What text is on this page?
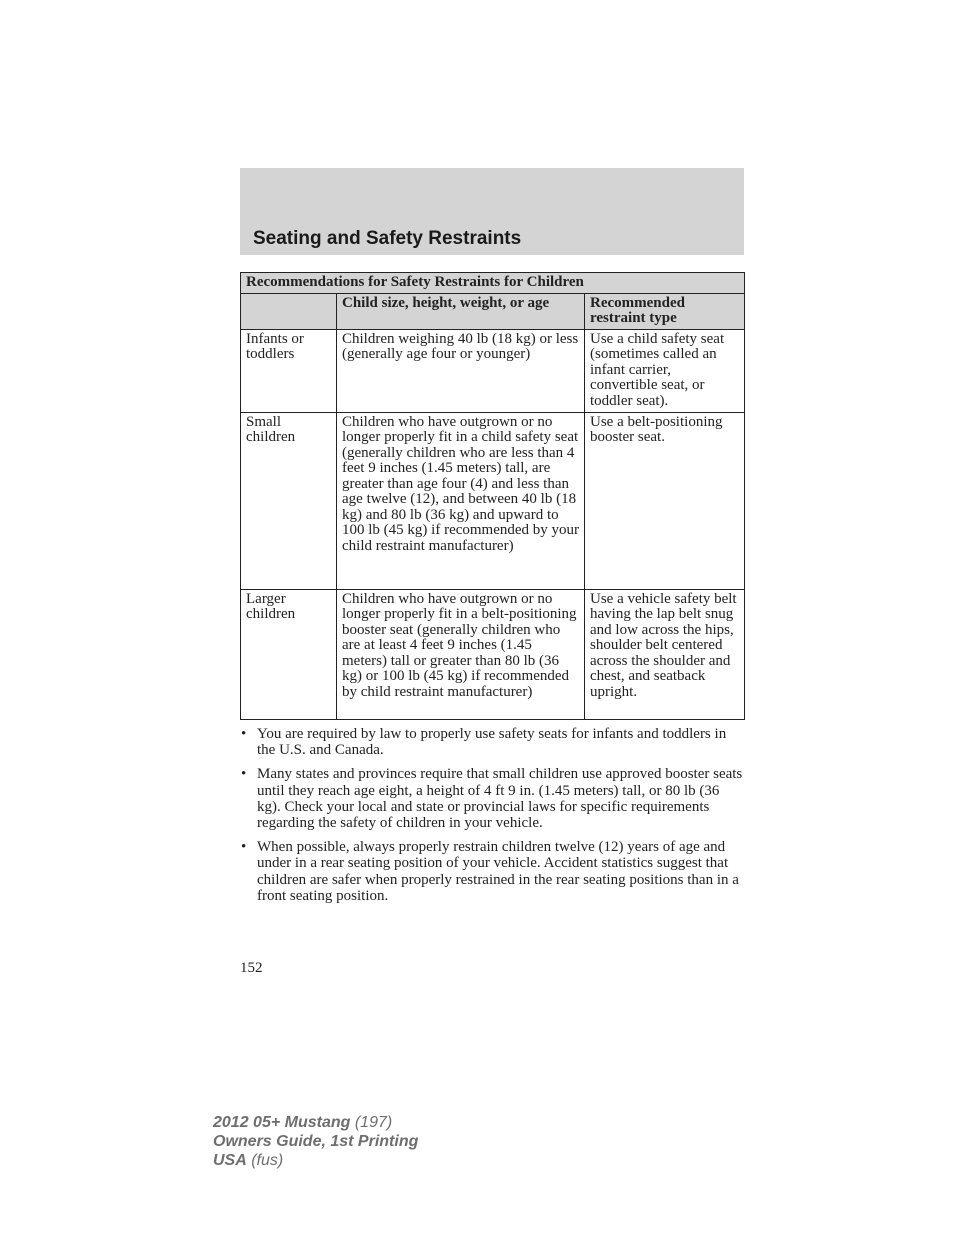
Seating and Safety Restraints
Recommendations for Safety Restraints for Children		
	Child size, height, weight, or age	Recommended restraint type
Infants or toddlers	Children weighing 40 lb (18 kg) or less (generally age four or younger)	Use a child safety seat (sometimes called an infant carrier, convertible seat, or toddler seat).
Small children	Children who have outgrown or no longer properly fit in a child safety seat (generally children who are less than 4 feet 9 inches (1.45 meters) tall, are greater than age four (4) and less than age twelve (12), and between 40 lb (18 kg) and 80 lb (36 kg) and upward to 100 lb (45 kg) if recommended by your child restraint manufacturer)	Use a belt-positioning booster seat.
Larger children	Children who have outgrown or no longer properly fit in a belt-positioning booster seat (generally children who are at least 4 feet 9 inches (1.45 meters) tall or greater than 80 lb (36 kg) or 100 lb (45 kg) if recommended by child restraint manufacturer)	Use a vehicle safety belt having the lap belt snug and low across the hips, shoulder belt centered across the shoulder and chest, and seatback upright.
• You are required by law to properly use safety seats for infants and toddlers in the U.S. and Canada.
• Many states and provinces require that small children use approved booster seats until they reach age eight, a height of 4 ft 9 in. (1.45 meters) tall, or 80 lb (36 kg). Check your local and state or provincial laws for specific requirements regarding the safety of children in your vehicle.
• When possible, always properly restrain children twelve (12) years of age and under in a rear seating position of your vehicle. Accident statistics suggest that children are safer when properly restrained in the rear seating positions than in a front seating position.
152
2012 05+ Mustang (197)
Owners Guide, 1st Printing
USA (fus)
